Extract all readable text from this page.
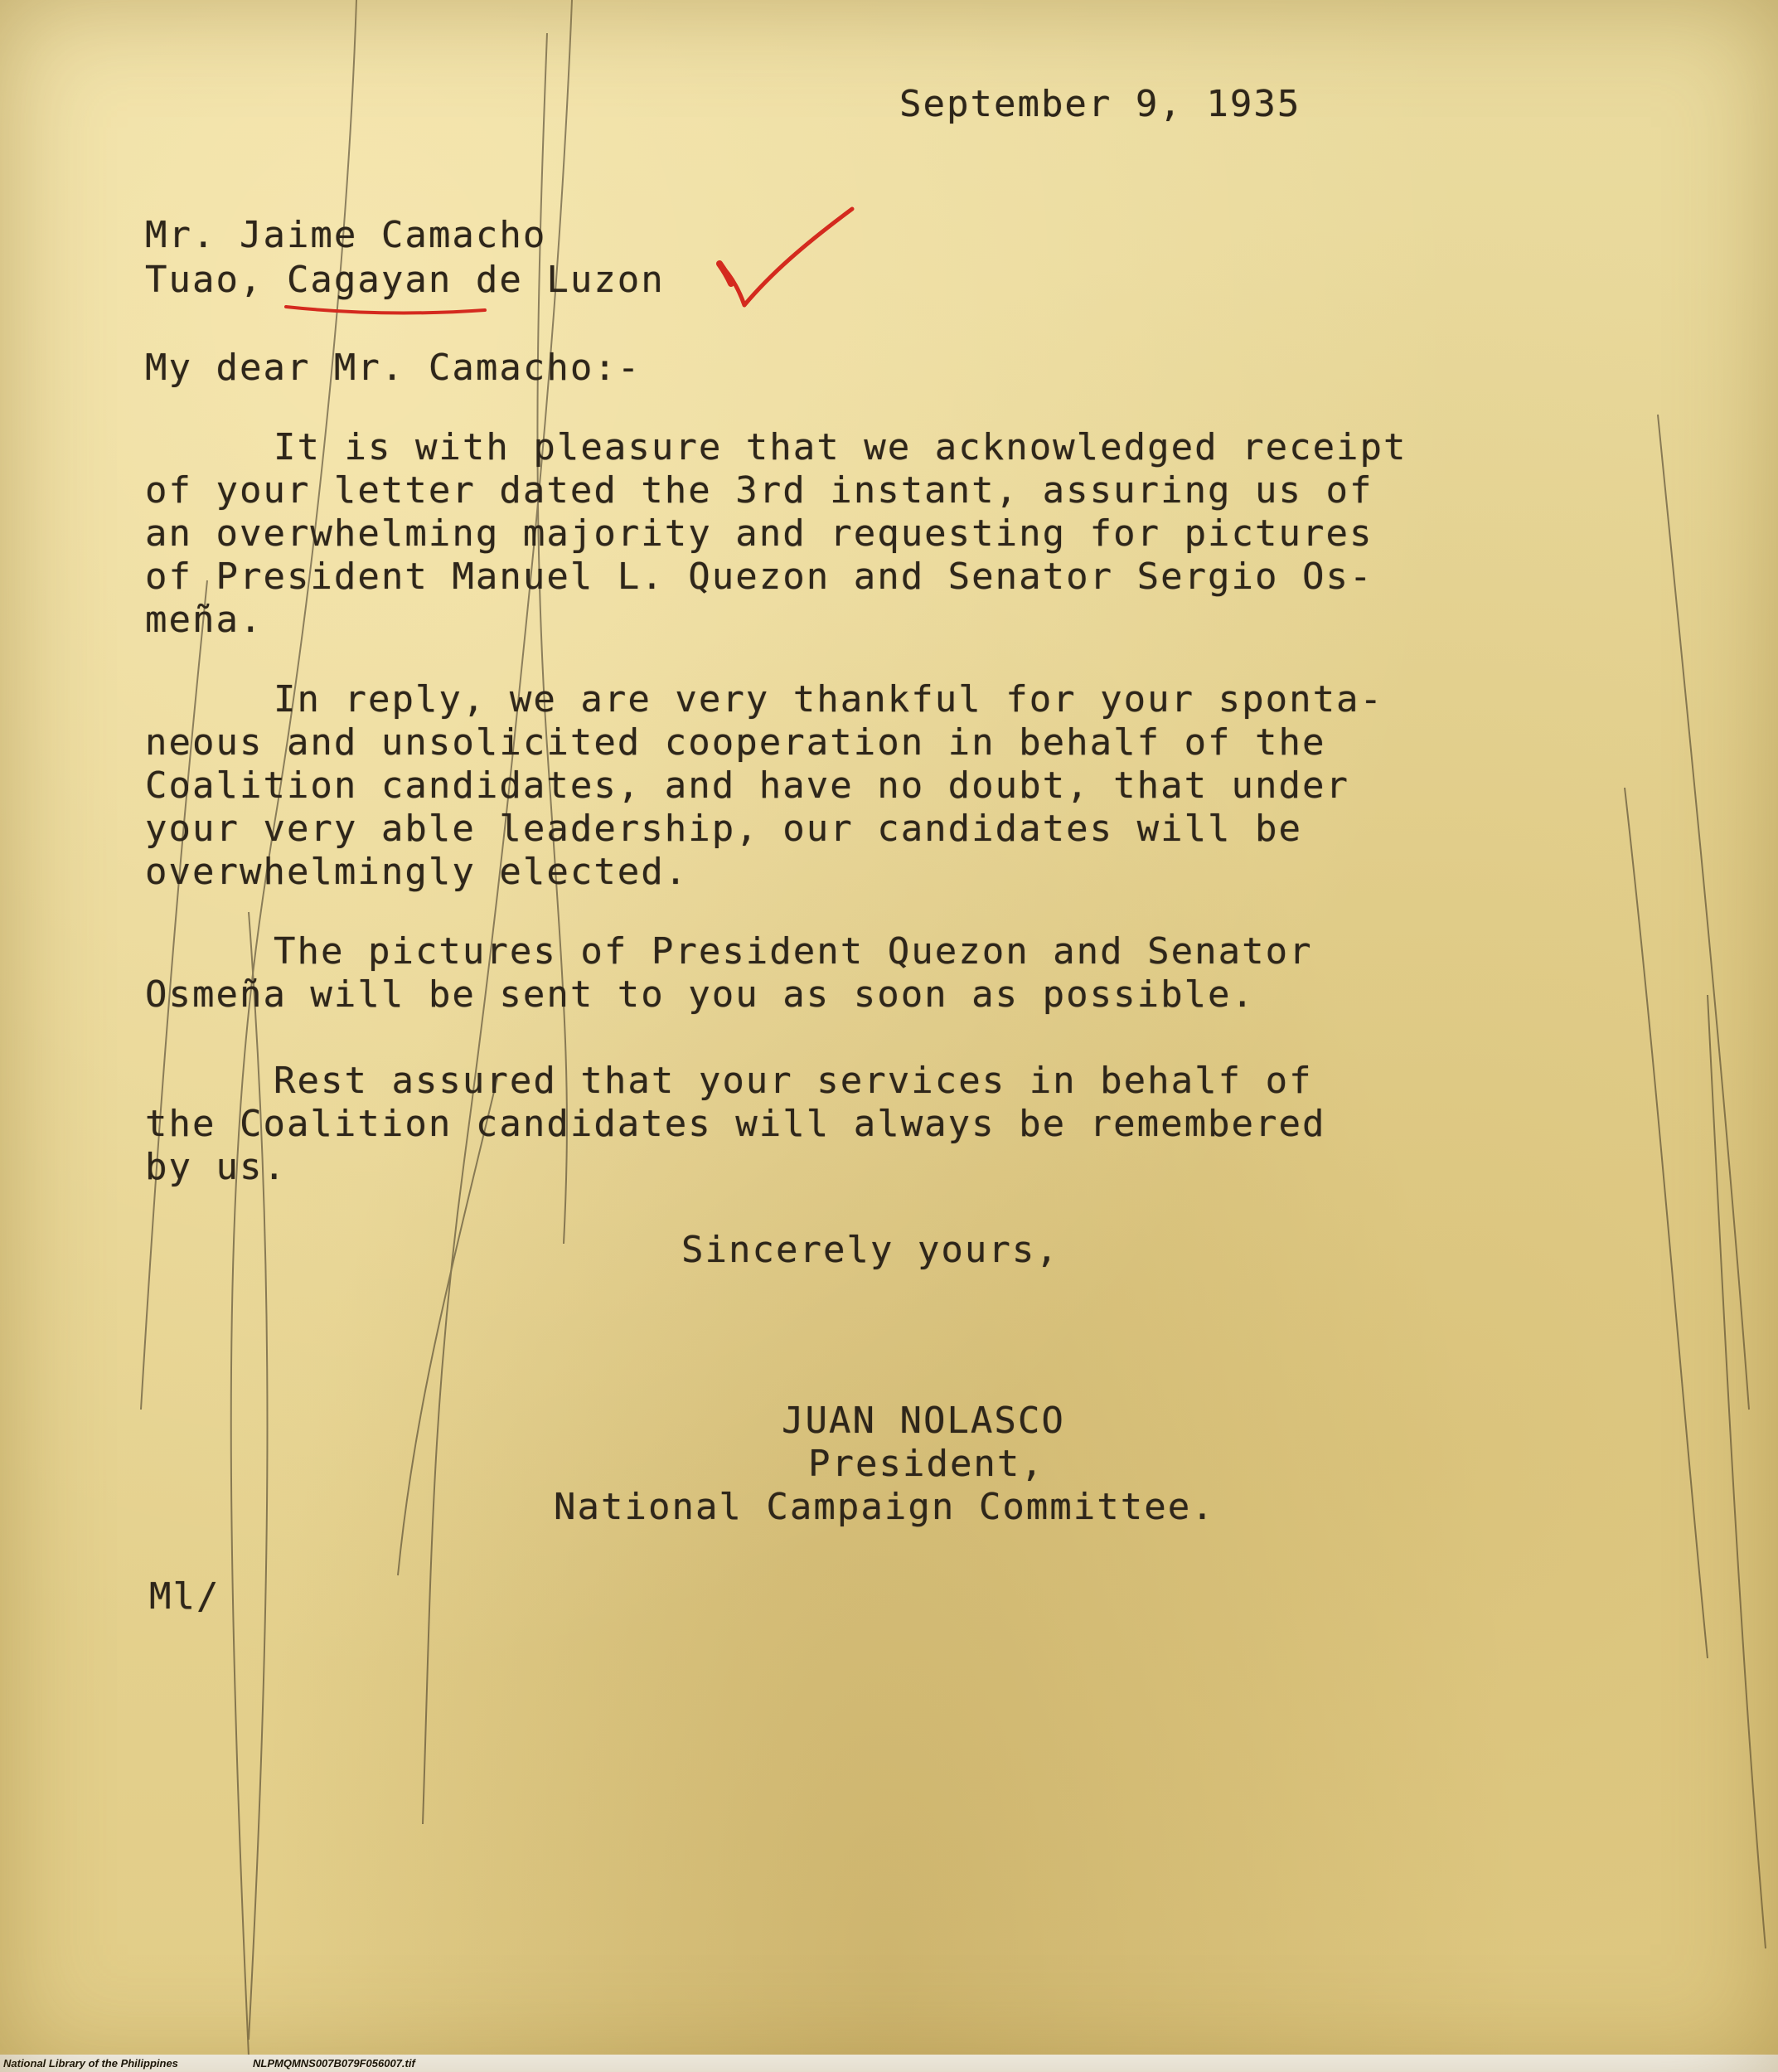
September 9, 1935
Mr. Jaime Camacho
Tuao, Cagayan de Luzon
My dear Mr. Camacho:-
It is with pleasure that we acknowledged receipt
of your letter dated the 3rd instant, assuring us of
an overwhelming majority and requesting for pictures
of President Manuel L. Quezon and Senator Sergio Os-
meña.
In reply, we are very thankful for your sponta-
neous and unsolicited cooperation in behalf of the
Coalition candidates, and have no doubt, that under
your very able leadership, our candidates will be
overwhelmingly elected.
The pictures of President Quezon and Senator
Osmeña will be sent to you as soon as possible.
Rest assured that your services in behalf of
the Coalition candidates will always be remembered
by us.
Sincerely yours,
JUAN NOLASCO
President,
National Campaign Committee.
Ml/
National Library of the Philippines	NLPMQMNS007B079F056007.tif
